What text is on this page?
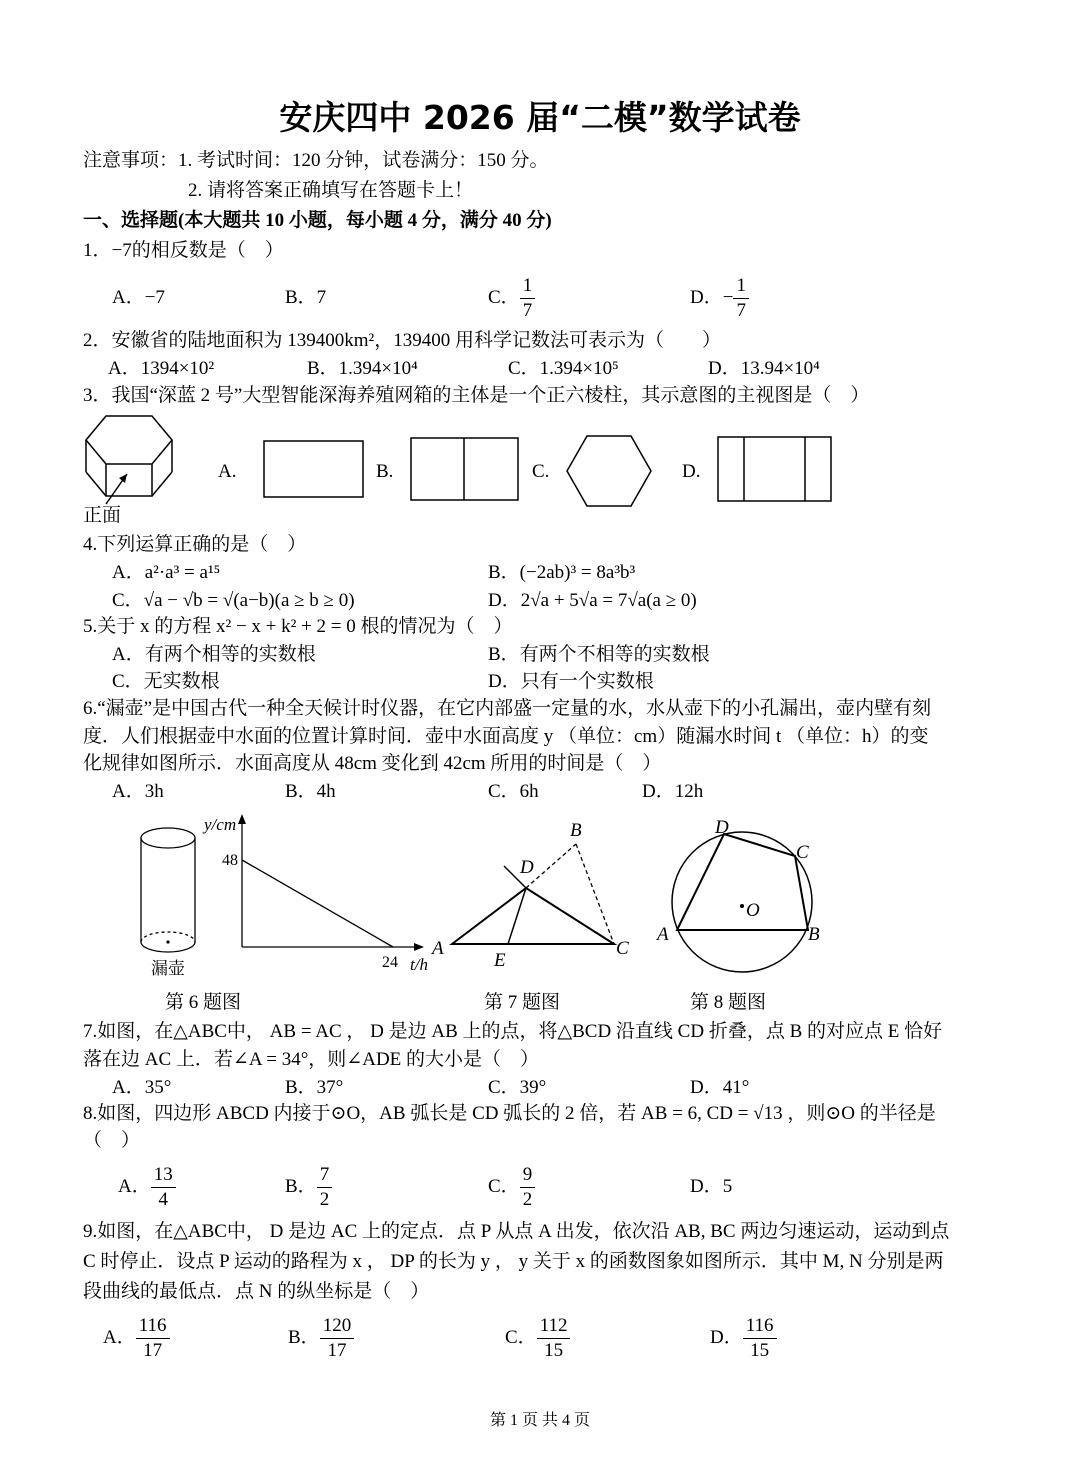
安庆四中 2026 届“二模”数学试卷
注意事项：1. 考试时间：120 分钟，试卷满分：150 分。
2. 请将答案正确填写在答题卡上！
一、选择题(本大题共 10 小题，每小题 4 分，满分 40 分)
1．−7的相反数是（　）
A．−7	B．7	C． $\frac{1}{7}$	D．− $\frac{1}{7}$
2．安徽省的陆地面积为 139400km²，139400 用科学记数法可表示为（　　）
A．1394×10²	B．1.394×10⁴	C．1.394×10⁵	D．13.94×10⁴
3．我国“深蓝 2 号”大型智能深海养殖网箱的主体是一个正六棱柱，其示意图的主视图是（　）
正面
A.	B.	C.	D.
4.下列运算正确的是（　）
A．a²·a³ = a¹⁵	B．(−2ab)³ = 8a³b³
C．√a − √b = √(a−b)(a ≥ b ≥ 0)	D．2√a + 5√a = 7√a(a ≥ 0)
5.关于 x 的方程 x² − x + k² + 2 = 0 根的情况为（　）
A．有两个相等的实数根	B．有两个不相等的实数根
C．无实数根	D．只有一个实数根
6.“漏壶”是中国古代一种全天候计时仪器，在它内部盛一定量的水，水从壶下的小孔漏出，壶内壁有刻
度．人们根据壶中水面的位置计算时间．壶中水面高度 y （单位：cm）随漏水时间 t （单位：h）的变
化规律如图所示．水面高度从 48cm 变化到 42cm 所用的时间是（　）
A．3h	B．4h	C．6h	D．12h
漏壶
y/cm
48
24 t/h
A
B
C
D
E
A	B
C
D
O
第 6 题图	第 7 题图	第 8 题图
7.如图，在△ABC中， AB = AC ， D 是边 AB 上的点，将△BCD 沿直线 CD 折叠，点 B 的对应点 E 恰好
落在边 AC 上．若∠A = 34°，则∠ADE 的大小是（　）
A．35°	B．37°	C．39°	D．41°
8.如图，四边形 ABCD 内接于⊙O，AB 弧长是 CD 弧长的 2 倍，若 AB = 6, CD = √13 ，则⊙O 的半径是
（　）
A． $\frac{13}{4}$	B． $\frac{7}{2}$	C． $\frac{9}{2}$	D．5
9.如图，在△ABC中， D 是边 AC 上的定点．点 P 从点 A 出发，依次沿 AB, BC 两边匀速运动，运动到点
C 时停止．设点 P 运动的路程为 x ， DP 的长为 y ， y 关于 x 的函数图象如图所示．其中 M, N 分别是两
段曲线的最低点．点 N 的纵坐标是（　）
A． $\frac{116}{17}$	B． $\frac{120}{17}$	C． $\frac{112}{15}$	D． $\frac{116}{15}$
第 1 页 共 4 页
